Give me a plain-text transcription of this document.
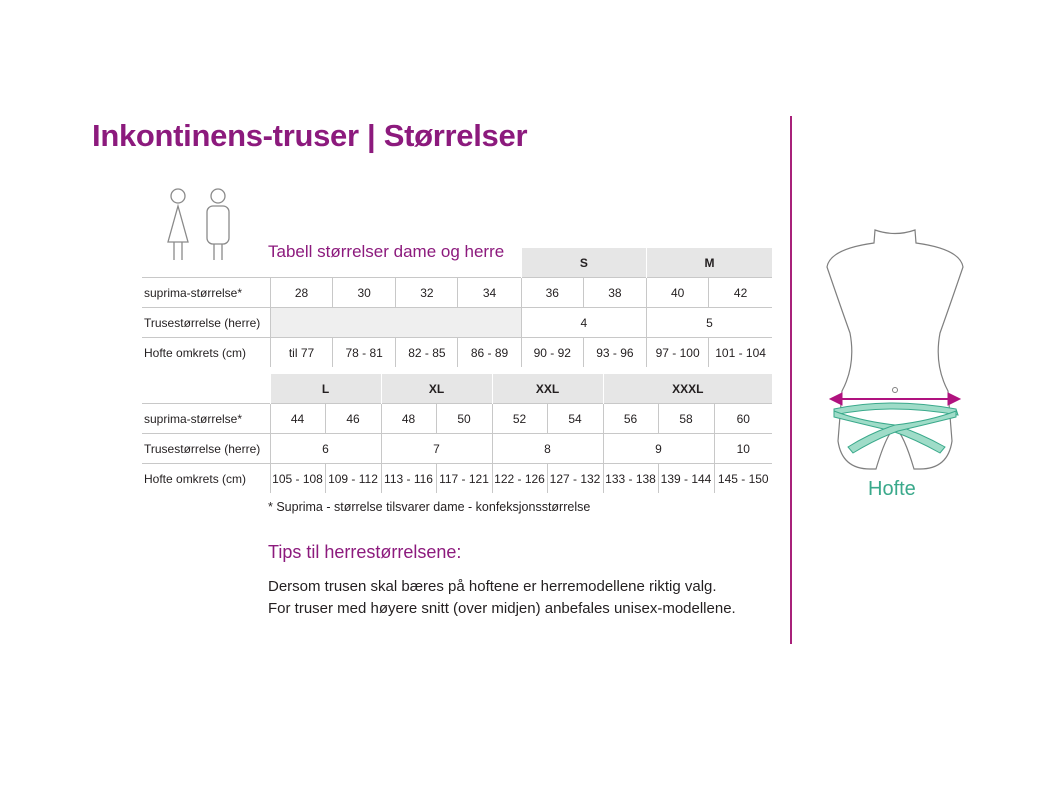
Inkontinens-truser | Størrelser
Tabell størrelser dame og herre
					S		M	
suprima-størrelse*	28	30	32	34	36	38	40	42
Trusestørrelse (herre)					4		5	
Hofte omkrets (cm)	til 77	78 - 81	82 - 85	86 - 89	90 - 92	93 - 96	97 - 100	101 - 104
	L		XL		XXL		XXXL		
suprima-størrelse*	44	46	48	50	52	54	56	58	60
Trusestørrelse (herre)	6		7		8		9		10
Hofte omkrets (cm)	105 - 108	109 - 112	113 - 116	117 - 121	122 - 126	127 - 132	133 - 138	139 - 144	145 - 150
* Suprima - størrelse tilsvarer dame - konfeksjonsstørrelse
Tips til herrestørrelsene:
Dersom trusen skal bæres på hoftene er herremodellene riktig valg.
For truser med høyere snitt (over midjen) anbefales unisex-modellene.
Hofte
